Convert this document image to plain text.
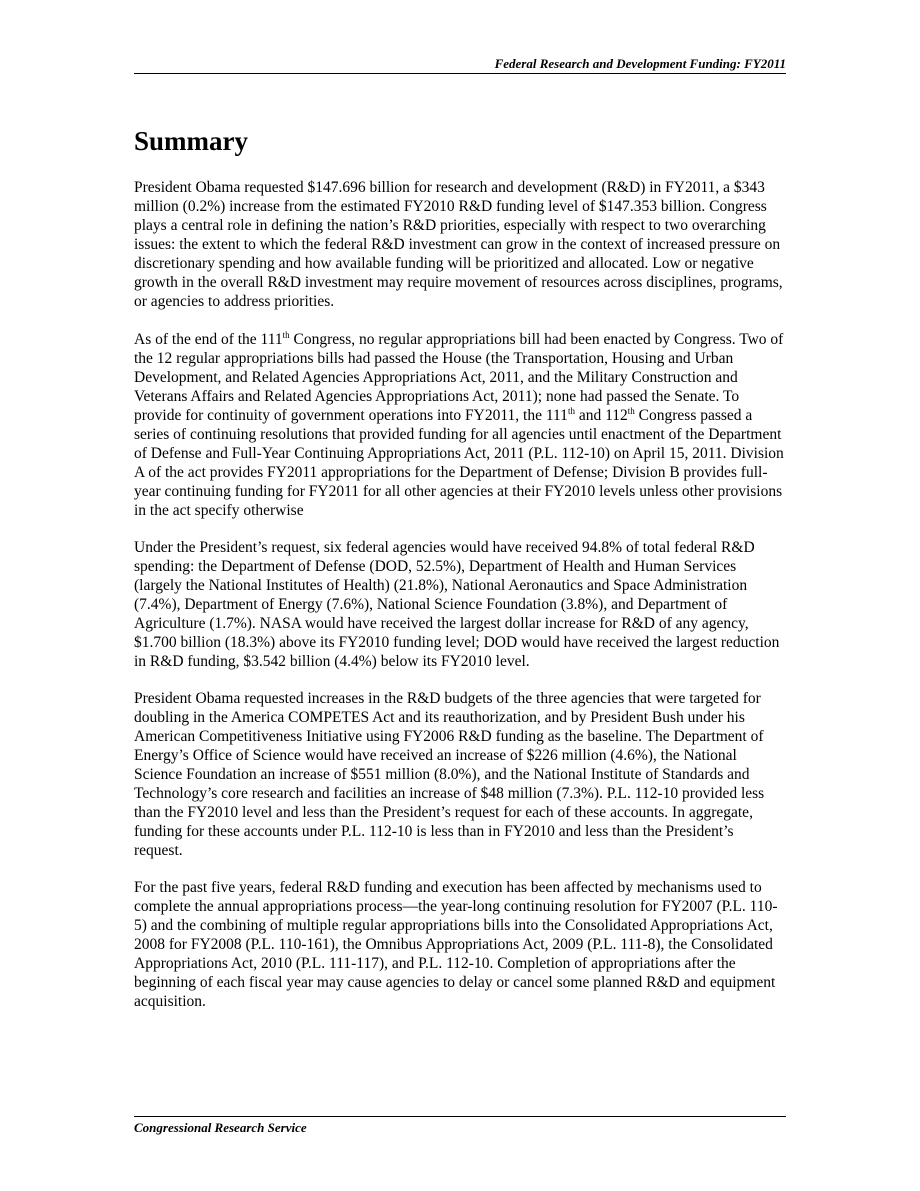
Federal Research and Development Funding: FY2011
Summary

President Obama requested $147.696 billion for research and development (R&D) in FY2011, a $343 million (0.2%) increase from the estimated FY2010 R&D funding level of $147.353 billion. Congress plays a central role in defining the nation’s R&D priorities, especially with respect to two overarching issues: the extent to which the federal R&D investment can grow in the context of increased pressure on discretionary spending and how available funding will be prioritized and allocated. Low or negative growth in the overall R&D investment may require movement of resources across disciplines, programs, or agencies to address priorities.

As of the end of the 111th Congress, no regular appropriations bill had been enacted by Congress. Two of the 12 regular appropriations bills had passed the House (the Transportation, Housing and Urban Development, and Related Agencies Appropriations Act, 2011, and the Military Construction and Veterans Affairs and Related Agencies Appropriations Act, 2011); none had passed the Senate. To provide for continuity of government operations into FY2011, the 111th and 112th Congress passed a series of continuing resolutions that provided funding for all agencies until enactment of the Department of Defense and Full-Year Continuing Appropriations Act, 2011 (P.L. 112-10) on April 15, 2011. Division A of the act provides FY2011 appropriations for the Department of Defense; Division B provides full-year continuing funding for FY2011 for all other agencies at their FY2010 levels unless other provisions in the act specify otherwise

Under the President’s request, six federal agencies would have received 94.8% of total federal R&D spending: the Department of Defense (DOD, 52.5%), Department of Health and Human Services (largely the National Institutes of Health) (21.8%), National Aeronautics and Space Administration (7.4%), Department of Energy (7.6%), National Science Foundation (3.8%), and Department of Agriculture (1.7%). NASA would have received the largest dollar increase for R&D of any agency, $1.700 billion (18.3%) above its FY2010 funding level; DOD would have received the largest reduction in R&D funding, $3.542 billion (4.4%) below its FY2010 level.

President Obama requested increases in the R&D budgets of the three agencies that were targeted for doubling in the America COMPETES Act and its reauthorization, and by President Bush under his American Competitiveness Initiative using FY2006 R&D funding as the baseline. The Department of Energy’s Office of Science would have received an increase of $226 million (4.6%), the National Science Foundation an increase of $551 million (8.0%), and the National Institute of Standards and Technology’s core research and facilities an increase of $48 million (7.3%). P.L. 112-10 provided less than the FY2010 level and less than the President’s request for each of these accounts. In aggregate, funding for these accounts under P.L. 112-10 is less than in FY2010 and less than the President’s request.

For the past five years, federal R&D funding and execution has been affected by mechanisms used to complete the annual appropriations process—the year-long continuing resolution for FY2007 (P.L. 110-5) and the combining of multiple regular appropriations bills into the Consolidated Appropriations Act, 2008 for FY2008 (P.L. 110-161), the Omnibus Appropriations Act, 2009 (P.L. 111-8), the Consolidated Appropriations Act, 2010 (P.L. 111-117), and P.L. 112-10. Completion of appropriations after the beginning of each fiscal year may cause agencies to delay or cancel some planned R&D and equipment acquisition.

Congressional Research Service
